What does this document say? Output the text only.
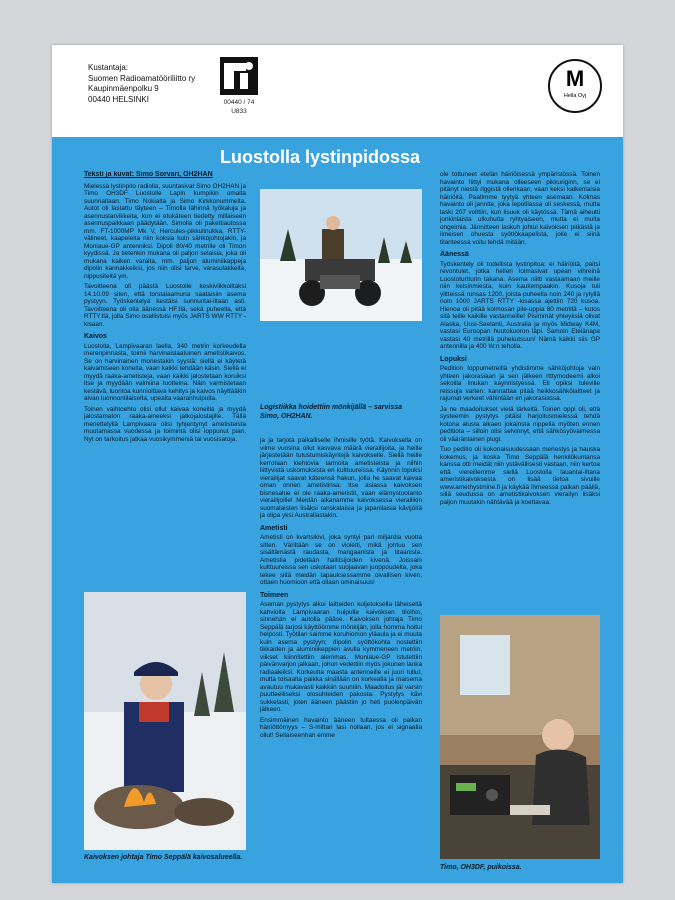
Kustantaja:
Suomen Radioamatööriliitto ry
Kaupinmäenpolku 9
00440 HELSINKI	00440 / 74
U833
M
Hella Oyj
Luostolla lystinpidossa
Teksti ja kuvat: Simo Sorvari, OH2HAN

Mielessä lystinpito radiolla, suuntasivat Simo OH2HAN ja Timo OH3DF Luostolle Lapin kumpikin omalta suunnaltaan. Timo Nokialta ja Simo Kirkkonummelta. Autot oli lastattu täyteen – Timolla lähinnä työkaluja ja asennustarvikkeita, kun ei etukäteen tiedetty millaiseen asennuspaikkaan päädytään. Simolla oli pakettiautossa mm. FT-1000MP Mk V, Hercules-pikkulinukka, RTTY-välineet, kaapeleita niin koksia kuin sähköjohtojakin, ja Moniaue-GP antenniksi. Dipoli 80/40 metrille oli Timon kyydissä. Ja tietenkin mukana oli paljon selaisia, joka oli mukana kaiken varalta, mm. paljon aluminiikappeja dipolin kannakkeiksi, jos niin olisi tarve, varasulakkeita, nippusiteitä ym.

Tavoitteena oli päästä Luostolle keskiviikkoiltaksi 14.10.09 siten, että torstaiaamuna saataisiin asema pystyyn. Työskentelyä kestäisi sunnuntai-iltaan asti. Tavoitteena oli olla äänessä HF:llä, sekä puheella, että RTTY:llä, jolla Simo osallistuisi myös JARTS WW RTTY -kisaan.

Kaivos

Luostolla, Lampivaaran laella, 340 metrin korkeudella merenpinnasta, toimii harvinaislaatuinen ametistikaivos. Se on harvinainen monestakin syystä: siellä ei käytetä kaivamiseen koneita, vaan kaikki tehdään käsin. Siellä ei myydä raaka-ametisteja, vaan kaikki jalostetaan koruiksi itse ja myydään valmiina tuotteina. Näin varmistetaan kestävä, luontoa kunnioittava kehitys ja kaivos näyttääkin aivan luonnontilaiselta, upealta vaaranhuipulta.

Toinen vaihtoehto olisi ollut kaivaa koneilla ja myydä jalostamaton raaka-aineeksi jatkojalostajille. Tällä menettelyllä Lampivaara olisi tyhjentynyt ametisteista muutamassa vuodessa ja toiminta olisi loppunut pian. Nyt on tarkoitus jatkaa vuosikymmeniä tai vuosisatoja.

Logistiikka hoidettiin mönkijällä – sarvissa Simo, OH2HAN.
Kaivoksen johtaja Timo Seppälä kaivosalueella.

ja ja tarjota paikalliselle ihmisille työtä. Kaivoksella on viime vuosina ollut kasvava määrä vierailijoita, ja heille järjestetään tutustumiskäyntejä kaivokselle. Siellä heille kerrotaan kiehtovia tarinoita ametisteista ja niihin liittyvistä uskomuksista eri kulttuureissa. Käynnin lopuksi vierailijat saavat käteensä hakun, jolla he saavat kaivaa oman onnen ametistinsa. Itse asiassa kaivoksen bisnesalue ei ole raaka-ametistit, vaan elämystuotanto vierailijoille! Meidän aikanamme kaivoksessa vierailikin suomalaisten lisäksi ranskalaisia ja japanilaisia kävijöitä ja olipa yksi Australiastakin.

Ametisti

Ametisti on kvartsikivi, joka syntyi pari miljardia vuotta sitten. Väriltään se on violetti, mikä johtuu sen sisältämästä raudasta, mangaanista ja titaanista. Ametistia pidetään hallitsijoiden kivenä. Joissain kulttuureissa sen uskotaan suojaavan juoppoudelta, joka tekee siitä meidän tapauksessamme oivallisen kiven, ottaen huomioon että ollaan ominaisuus!

Toimeen

Aseman pystytys alkoi laitteiden kuljetuksella läheiseltä kahviolta Lampivaaran huipulle kaivoksen tiloihin, sinnehän ei autolla pääse. Kaivoksen johtaja Timo Seppälä tarjosi käyttöömme mönkijän, jolla homma hoitui helposti. Työtilan saimme koruhiomon yläaula ja ei muuta kuin asema pystyyn; dipolin syöttökohta nostettiin tikkaiden ja aluminiikeppien avulla kymmeneen metriin, viikset kiinnitettiin alemmas. Moniaue-GP istutettiin päivänvarjon jalkaan, johon vedettiin myös jokunen lanka radiaaleiksi. Korkeutta maasta antenneille ei juuri tullut, mutta toisaalta paikka sinällään on korkealla ja maisema avautuu mukavasti kaikkiin suuntiin. Maadoitus jäi varsin puutteelliseksi olosuhteiden pakosta. Pystytys kävi sukkelasti, joten ääneen päästiin jo heti puolenpäivän jälkeen.

Ensimmäinen havainto ääneen tultaessa oli paikan häiriöttömyys – S-mittari lasi nollaan, jos ei signaalia ollut! Sellaiseenhan emme

ole tottuneet etelän häiriöisessä ympäristössä. Toinen havainto liittyi mukana olleeseen pikkuriginn, se ei pitänyt niestä riggistä ollenkaan, vaan keksi kaikenlaisia häiriöitä. Paatimme tyytyä yhteen asemaan. Kolmas havainto oli jannite, joka lepotilassa oli seskessä, mutta laski 207 volttiin, kun lisuuk oli käytössä. Tämä aiheutti jonkinlaista ulkuhutta ryhtyaiseen, mutta ei muita ongelmia. Jännitteen laskuh johtui kaivoksen pitkästä ja ilmeisen ohuesta syöttökaapelista, jolle ei siinä tilanteessa voitu tehdä mitään.

Äänessä

Työskentely oli todellista lystinpitoa: ei häiriöitä, paitsi revontulet, jotka helleri loimasivat upean vihreinä Luostoturtturin takana. Asema niitti vastaamaan meille niin kelsinmiesta, kuin kaukempaakin. Kusoja tuli ylitteissä runsas 1200, joista puheella noin 240 ja rytyllä noin 1000 JARTS RTTY -kisassa ajettiin 720 kusoa. Hienoa oli pitää kolmosan pile-uppia 80 metrillä – kutos sitä teille kaikille vastanneille! Pisimmät yhteyksiä olivat Alaska, Uusi-Seelanti, Australia ja myös Midway K4M, vastasi Euroopan huutokuoron läpi. Samoin Etelänapa vastasi 40 metrillä puhekutsuun! Nämä kaikki siis GP antennilla ja 400 W:n teholla.

Lopuksi

Pedition loppumetreillä yhdistimme sähköjohtoja vain yhteen jakorasiaan ja sen jälkeen rtttymodeemi alkoi sekoilla linukan kaynnistyessä. Eli opiksi tuleville reissuja varten: kannattaa pitää heikkosähkölaitteet ja rajumat verkeet vähintään eri jakorasiassa.

Ja ne maadoitukset vielä tärkeitä. Toinen oppi oli, että systeemin pystytys pitäisi harjoitusmielessä tehdä kotona alusta alkaen jokainsta nippelia myöten ennen peditiota – silloin olisi selvinnyt, että sähkösyövaimessa oli vääränlainen plugi.

Tuo peditio oli kokonaisuudessaan menestys ja hauska kokemus, ja koska Timo Seppälä henkilökuntansa kanssa otti meidät niin ystävällisesti vastaan, niin kertoa että viereillemme siellä Luostolla lauantai-iltana ameristikaivoksesta on lisää tietoa sivuille www.amethystmine.fi ja käykää ihmeessä paikan päällä, sillä seudussa on ametistikaivoksen vierailyn lisäksi paljon muutakin nähtävää ja koettavaa.

Timo, OH3DF, puikoissa.
